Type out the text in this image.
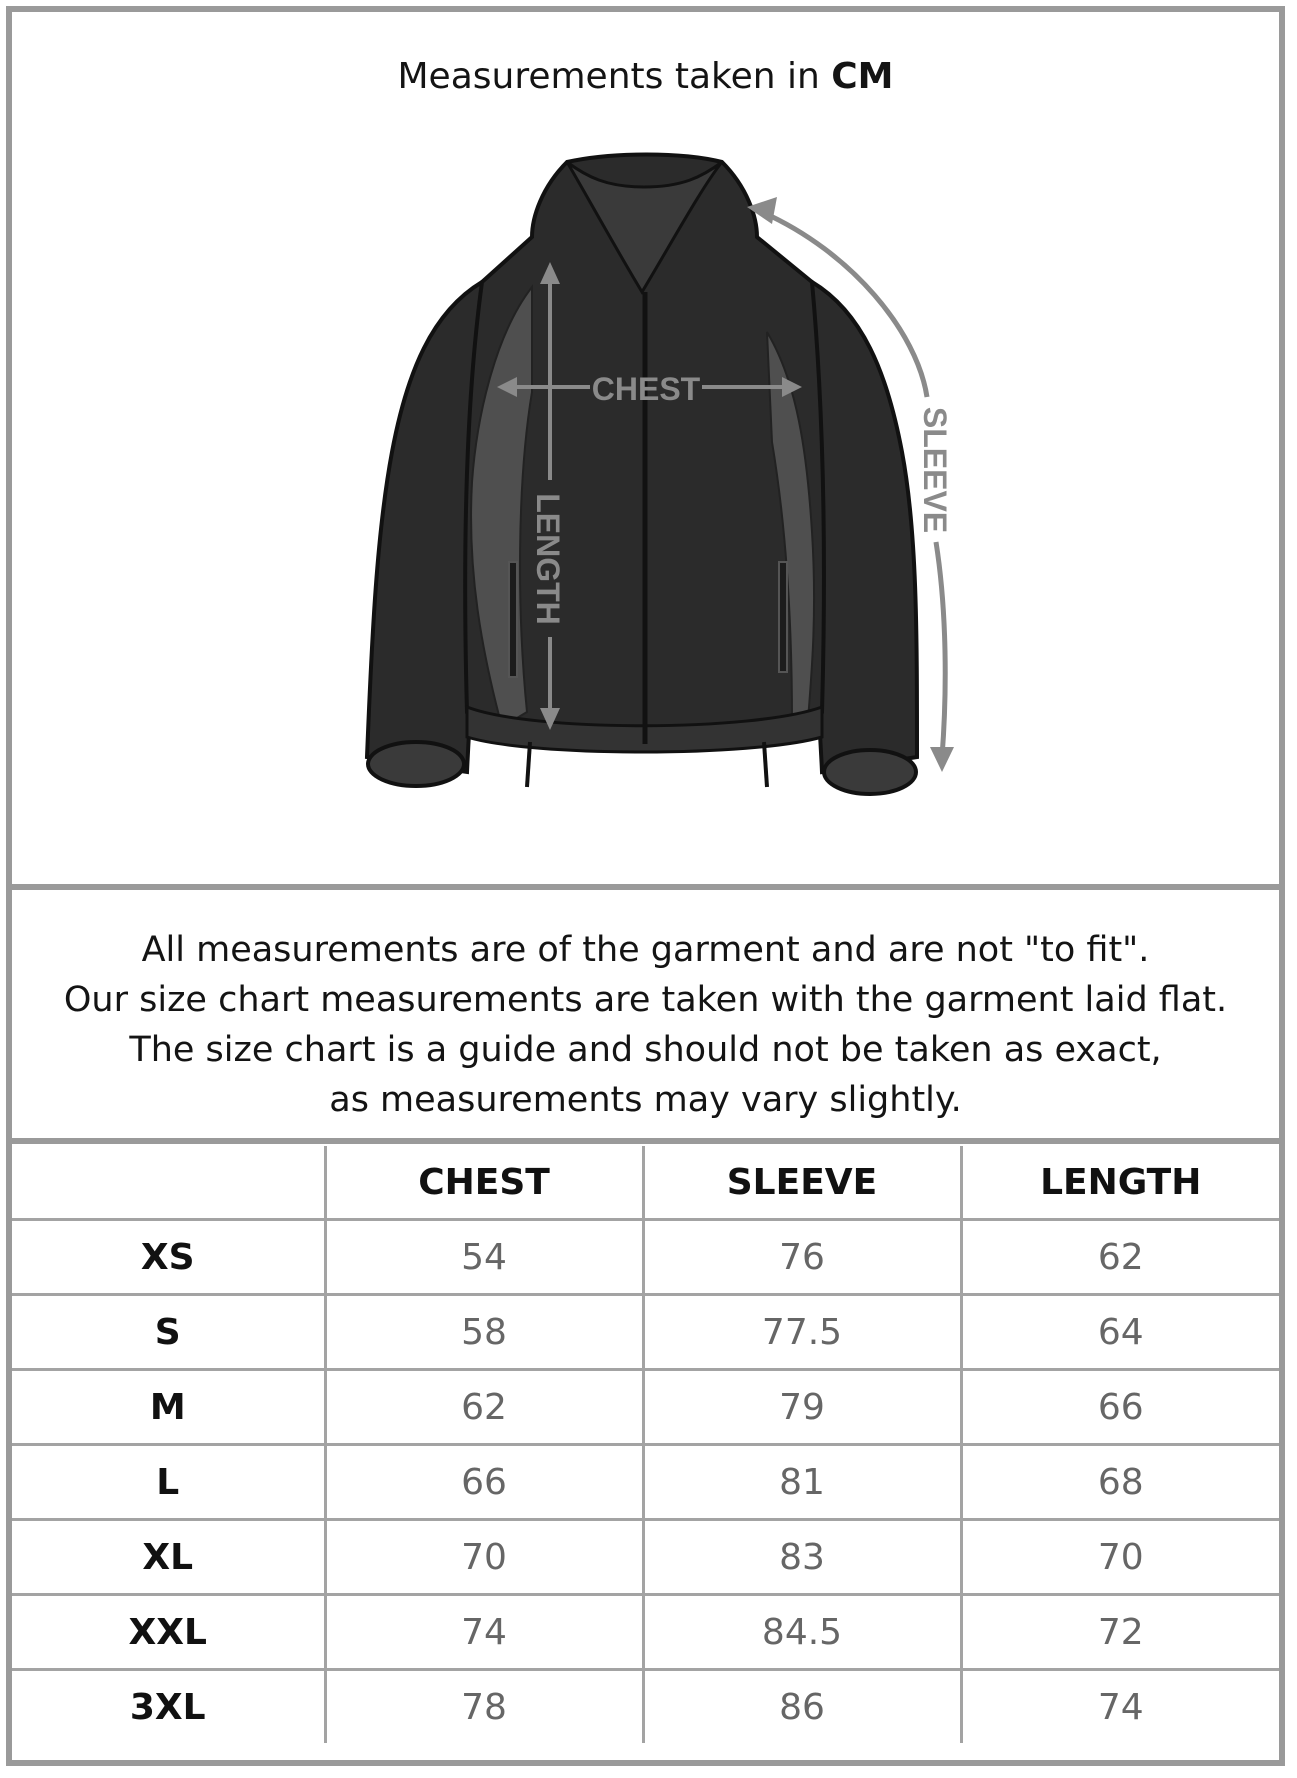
Measurements taken in CM
CHEST
LENGTH
SLEEVE
All measurements are of the garment and are not "to fit".
Our size chart measurements are taken with the garment laid flat.
The size chart is a guide and should not be taken as exact,
as measurements may vary slightly.
	CHEST	SLEEVE	LENGTH
XS	54	76	62
S	58	77.5	64
M	62	79	66
L	66	81	68
XL	70	83	70
XXL	74	84.5	72
3XL	78	86	74
